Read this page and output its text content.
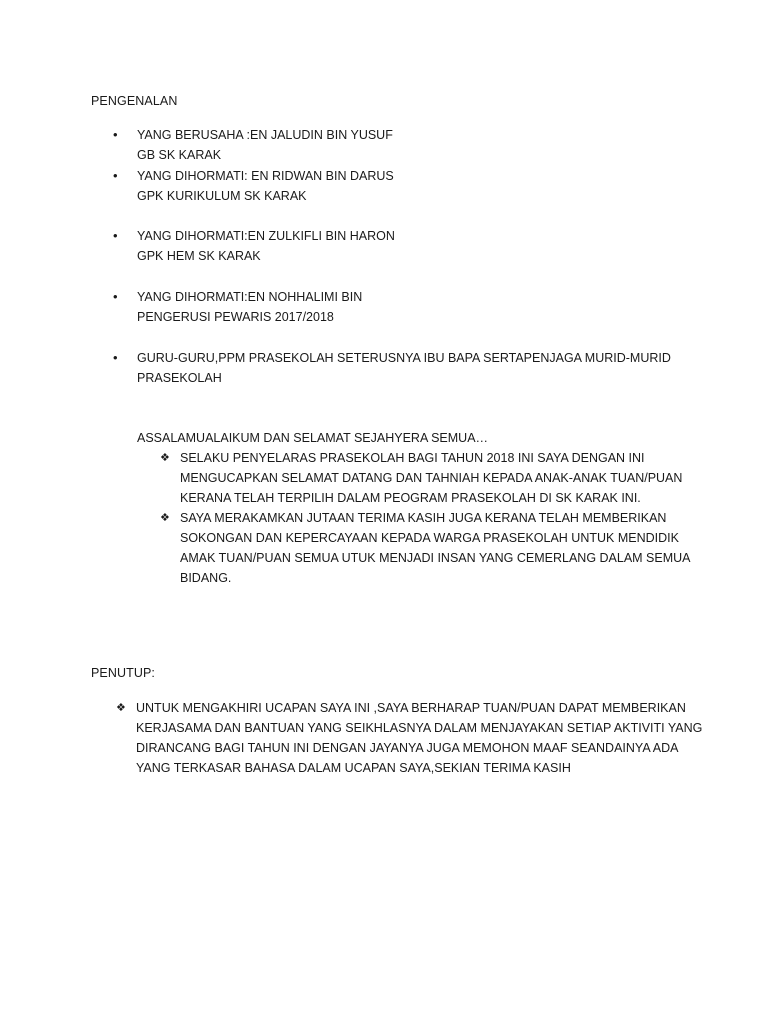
PENGENALAN
• YANG BERUSAHA :EN JALUDIN BIN YUSUF
GB SK KARAK
• YANG DIHORMATI: EN RIDWAN BIN DARUS
GPK KURIKULUM SK KARAK
• YANG DIHORMATI:EN ZULKIFLI BIN HARON
GPK HEM SK KARAK
• YANG DIHORMATI:EN NOHHALIMI BIN
PENGERUSI PEWARIS 2017/2018
• GURU-GURU,PPM PRASEKOLAH SETERUSNYA IBU BAPA SERTAPENJAGA MURID-MURID
PRASEKOLAH
ASSALAMUALAIKUM DAN SELAMAT SEJAHYERA SEMUA…
❖ SELAKU PENYELARAS PRASEKOLAH BAGI TAHUN 2018 INI SAYA DENGAN INI
MENGUCAPKAN SELAMAT DATANG DAN TAHNIAH KEPADA ANAK-ANAK TUAN/PUAN
KERANA TELAH TERPILIH DALAM PEOGRAM PRASEKOLAH DI SK KARAK INI.
❖ SAYA MERAKAMKAN JUTAAN TERIMA KASIH JUGA KERANA TELAH MEMBERIKAN
SOKONGAN DAN KEPERCAYAAN KEPADA WARGA PRASEKOLAH UNTUK MENDIDIK
AMAK TUAN/PUAN SEMUA UTUK MENJADI INSAN YANG CEMERLANG DALAM SEMUA
BIDANG.
PENUTUP:
❖ UNTUK MENGAKHIRI UCAPAN SAYA INI ,SAYA BERHARAP TUAN/PUAN DAPAT MEMBERIKAN
KERJASAMA DAN BANTUAN YANG SEIKHLASNYA DALAM MENJAYAKAN SETIAP AKTIVITI YANG
DIRANCANG BAGI TAHUN INI DENGAN JAYANYA JUGA MEMOHON MAAF SEANDAINYA ADA
YANG TERKASAR BAHASA DALAM UCAPAN SAYA,SEKIAN TERIMA KASIH
